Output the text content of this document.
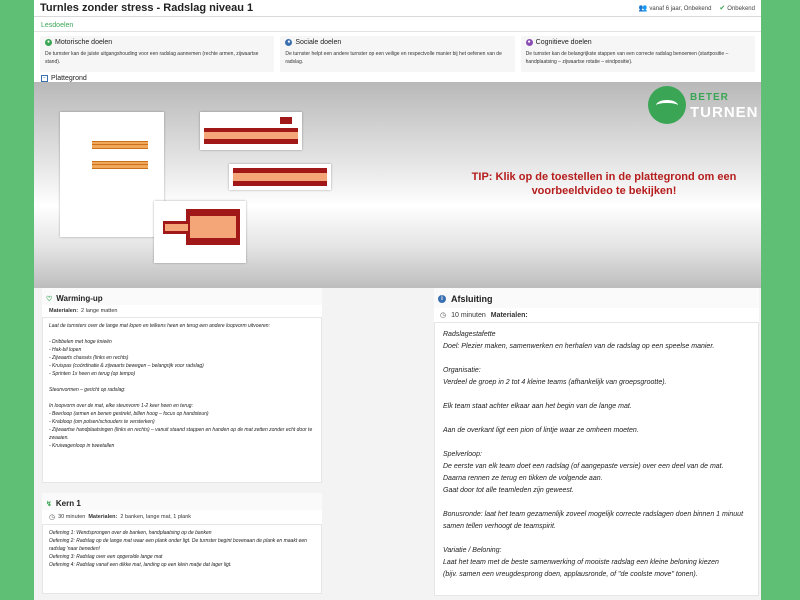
Turnles zonder stress - Radslag niveau 1	👥 vanaf 6 jaar, Onbekend ✔ Onbekend
Lesdoelen
● Motorische doelen
De turnster kan de juiste uitgangshouding voor een radslag aannemen (rechte armen, zijwaartse stand).
● Sociale doelen
De turnster helpt een andere turnster op een veilige en respectvolle manier bij het oefenen van de radslag.
● Cognitieve doelen
De turnster kan de belangrijkste stappen van een correcte radslag benoemen (startpositie – handplaatsing – zijwaartse rotatie – eindpositie).
− Plattegrond
TIP: Klik op de toestellen in de plattegrond om een voorbeeldvideo te bekijken!
BETER
TURNEN
♡ Warming-up
Materialen: 2 lange matten

Laat de turnsters over de lange mat lopen en telkens heen en terug een andere loopvorm uitvoeren:

- Dribbelen met hoge knieën
- Hak-bil lopen
- Zijwaarts chassés (links en rechts)
- Kruispas (coördinatie & zijwaarts bewegen – belangrijk voor radslag)
- Sprinten 1x heen en terug (op tempo)

Steunvormen – gericht op radslag:

In loopvorm over de mat, elke steunvorm 1-2 keer heen en terug:
- Beerloop (armen en benen gestrekt, billen hoog – focus op handsteun)
- Krabloop (om polsen/schouders te versterken)
- Zijwaartse handplaatsingen (links en rechts) – vanuit staand stappen en handen op de mat zetten zonder echt door te zwaaien.
- Kruiwagenloop in tweetallen

↯ Kern 1
◷ 30 minuten Materialen: 2 banken, lange mat, 1 plank

Oefening 1: Wendsprongen over de banken, handplaatsing op de banken
Oefening 2: Radslag op de lange mat waar een plank onder ligt. De turnster begint bovenaan de plank en maakt een radslag 'naar beneden!
Oefening 3: Radslag over een opgerolde lange mat
Oefening 4: Radslag vanaf een dikke mat, landing op een klein matje dat lager ligt.

i Afsluiting
◷ 10 minuten Materialen:

Radslagestafette
Doel: Plezier maken, samenwerken en herhalen van de radslag op een speelse manier.

Organisatie:
Verdeel de groep in 2 tot 4 kleine teams (afhankelijk van groepsgrootte).

Elk team staat achter elkaar aan het begin van de lange mat.

Aan de overkant ligt een pion of lintje waar ze omheen moeten.

Spelverloop:
De eerste van elk team doet een radslag (of aangepaste versie) over een deel van de mat.
Daarna rennen ze terug en tikken de volgende aan.
Gaat door tot alle teamleden zijn geweest.

Bonusronde: laat het team gezamenlijk zoveel mogelijk correcte radslagen doen binnen 1 minuut samen tellen verhoogt de teamspirit.

Variatie / Beloning:
Laat het team met de beste samenwerking of mooiste radslag een kleine beloning kiezen
(bijv. samen een vreugdesprong doen, applausronde, of "de coolste move" tonen).
